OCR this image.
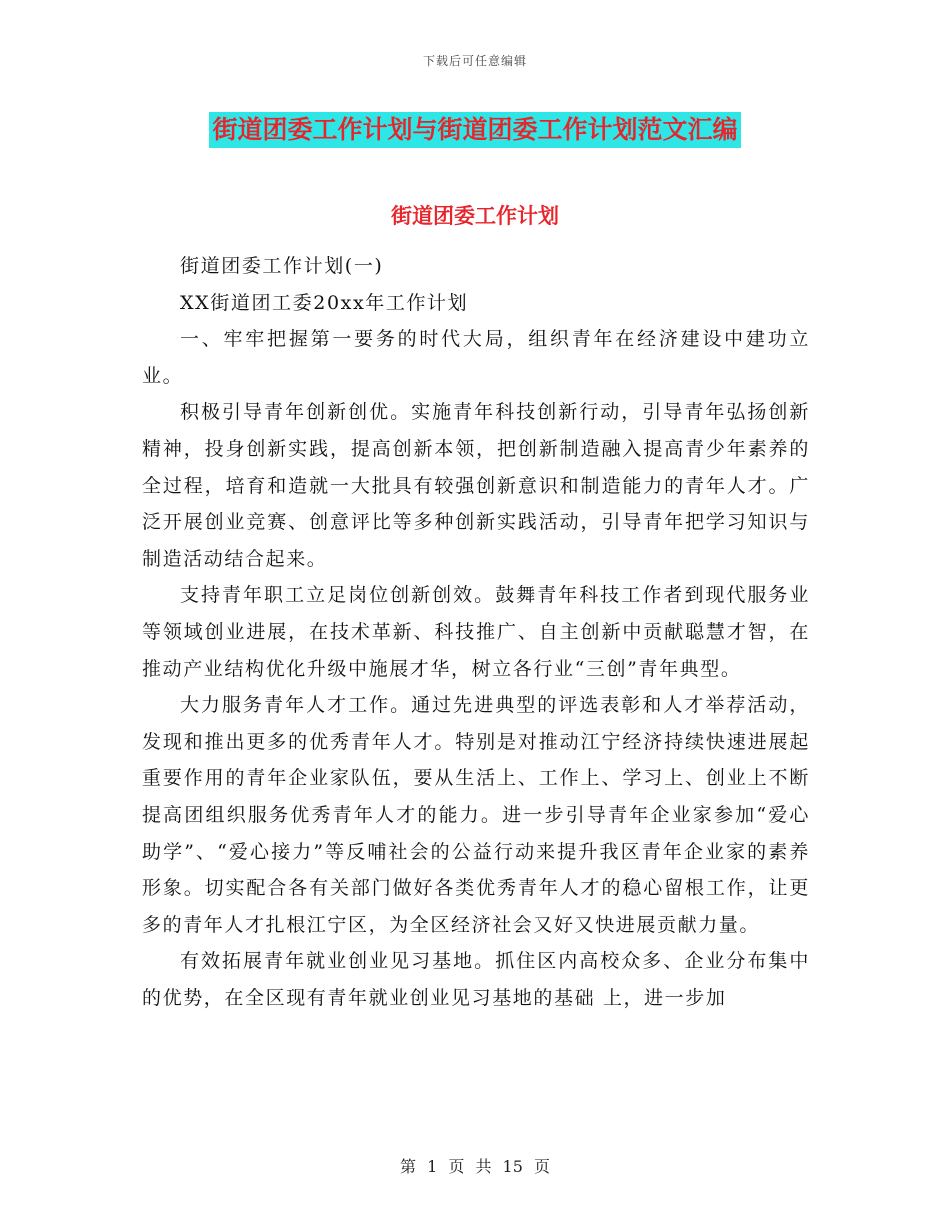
下载后可任意编辑
街道团委工作计划与街道团委工作计划范文汇编
街道团委工作计划

街道团委工作计划(一)

XX街道团工委20xx年工作计划

一、牢牢把握第一要务的时代大局，组织青年在经济建设中建功立业。

积极引导青年创新创优。实施青年科技创新行动，引导青年弘扬创新精神，投身创新实践，提高创新本领，把创新制造融入提高青少年素养的全过程，培育和造就一大批具有较强创新意识和制造能力的青年人才。广泛开展创业竞赛、创意评比等多种创新实践活动，引导青年把学习知识与制造活动结合起来。

支持青年职工立足岗位创新创效。鼓舞青年科技工作者到现代服务业等领域创业进展，在技术革新、科技推广、自主创新中贡献聪慧才智，在推动产业结构优化升级中施展才华，树立各行业“三创”青年典型。

大力服务青年人才工作。通过先进典型的评选表彰和人才举荐活动，发现和推出更多的优秀青年人才。特别是对推动江宁经济持续快速进展起重要作用的青年企业家队伍，要从生活上、工作上、学习上、创业上不断提高团组织服务优秀青年人才的能力。进一步引导青年企业家参加“爱心助学”、“爱心接力”等反哺社会的公益行动来提升我区青年企业家的素养形象。切实配合各有关部门做好各类优秀青年人才的稳心留根工作，让更多的青年人才扎根江宁区，为全区经济社会又好又快进展贡献力量。

有效拓展青年就业创业见习基地。抓住区内高校众多、企业分布集中的优势，在全区现有青年就业创业见习基地的基础 上，进一步加

第 1 页 共 15 页
